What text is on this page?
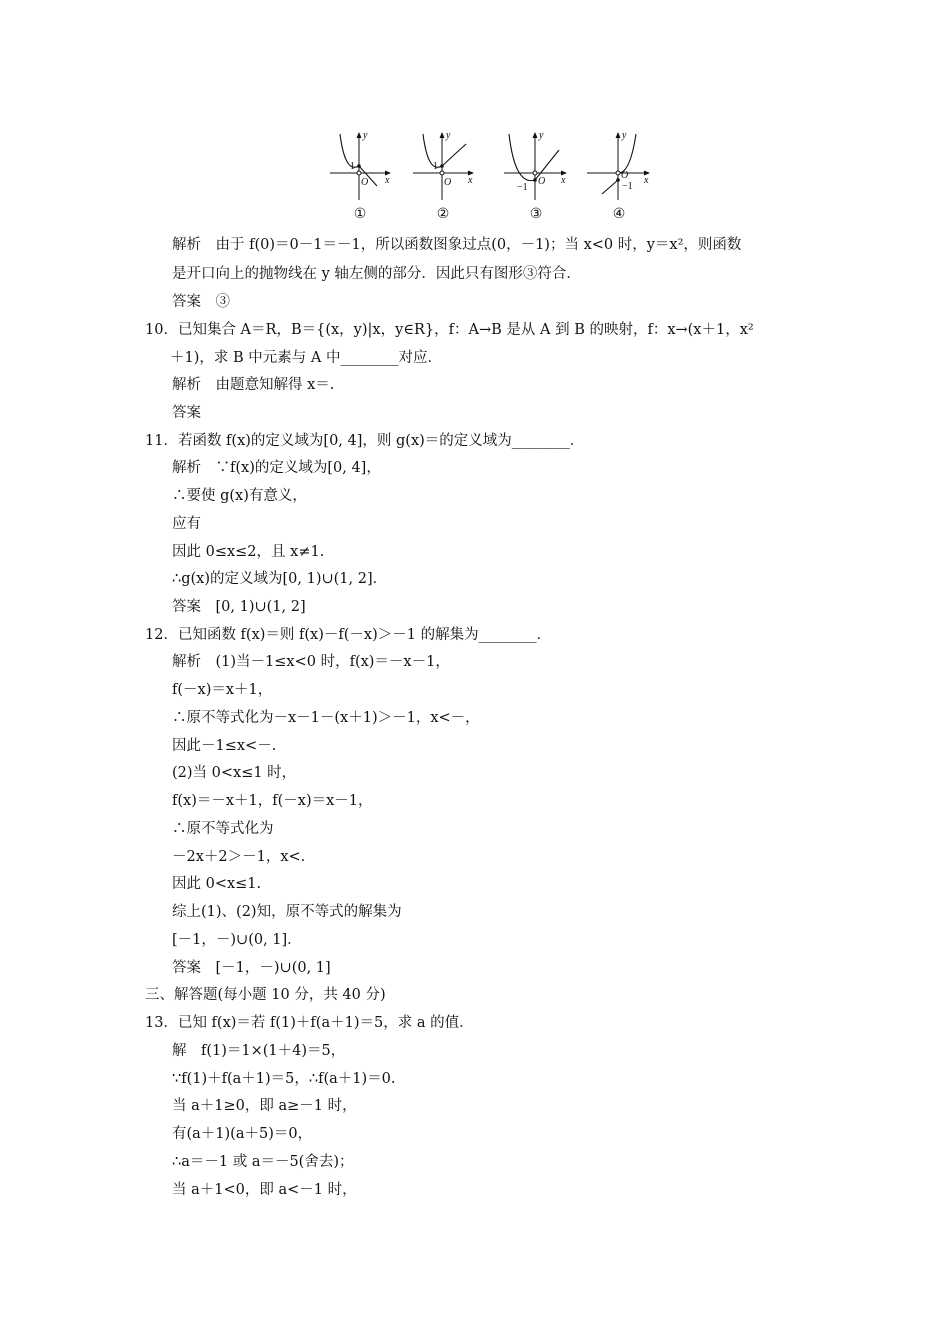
y
x
O
1
①
y
x
O
1
②
y
x
O
−1
③
y
x
O
−1
④
解析　由于 f(0)＝0－1＝－1，所以函数图象过点(0，－1)；当 x<0 时，y＝x²，则函数
是开口向上的抛物线在 y 轴左侧的部分．因此只有图形③符合．
答案　③
10．已知集合 A＝R，B＝{(x，y)|x，y∈R}，f：A→B 是从 A 到 B 的映射，f：x→(x＋1，x²
＋1)，求 B 中元素与 A 中________对应．
解析　由题意知解得 x＝.
答案
11．若函数 f(x)的定义域为[0, 4]，则 g(x)＝的定义域为________．
解析　∵f(x)的定义域为[0, 4]，
∴要使 g(x)有意义，
应有
因此 0≤x≤2，且 x≠1.
∴g(x)的定义域为[0, 1)∪(1, 2]．
答案　[0, 1)∪(1, 2]
12．已知函数 f(x)＝则 f(x)－f(－x)＞－1 的解集为________．
解析　(1)当－1≤x<0 时，f(x)＝－x－1，
f(－x)＝x＋1，
∴原不等式化为－x－1－(x＋1)＞－1，x<－，
因此－1≤x<－.
(2)当 0<x≤1 时，
f(x)＝－x＋1，f(－x)＝x－1，
∴原不等式化为
－2x＋2＞－1，x<.
因此 0<x≤1.
综上(1)、(2)知，原不等式的解集为
[－1，－)∪(0, 1]．
答案　[－1，－)∪(0, 1]
三、解答题(每小题 10 分，共 40 分)
13．已知 f(x)＝若 f(1)＋f(a＋1)＝5，求 a 的值．
解　f(1)＝1×(1＋4)＝5，
∵f(1)＋f(a＋1)＝5，∴f(a＋1)＝0.
当 a＋1≥0，即 a≥－1 时，
有(a＋1)(a＋5)＝0，
∴a＝－1 或 a＝－5(舍去)；
当 a＋1<0，即 a<－1 时，
